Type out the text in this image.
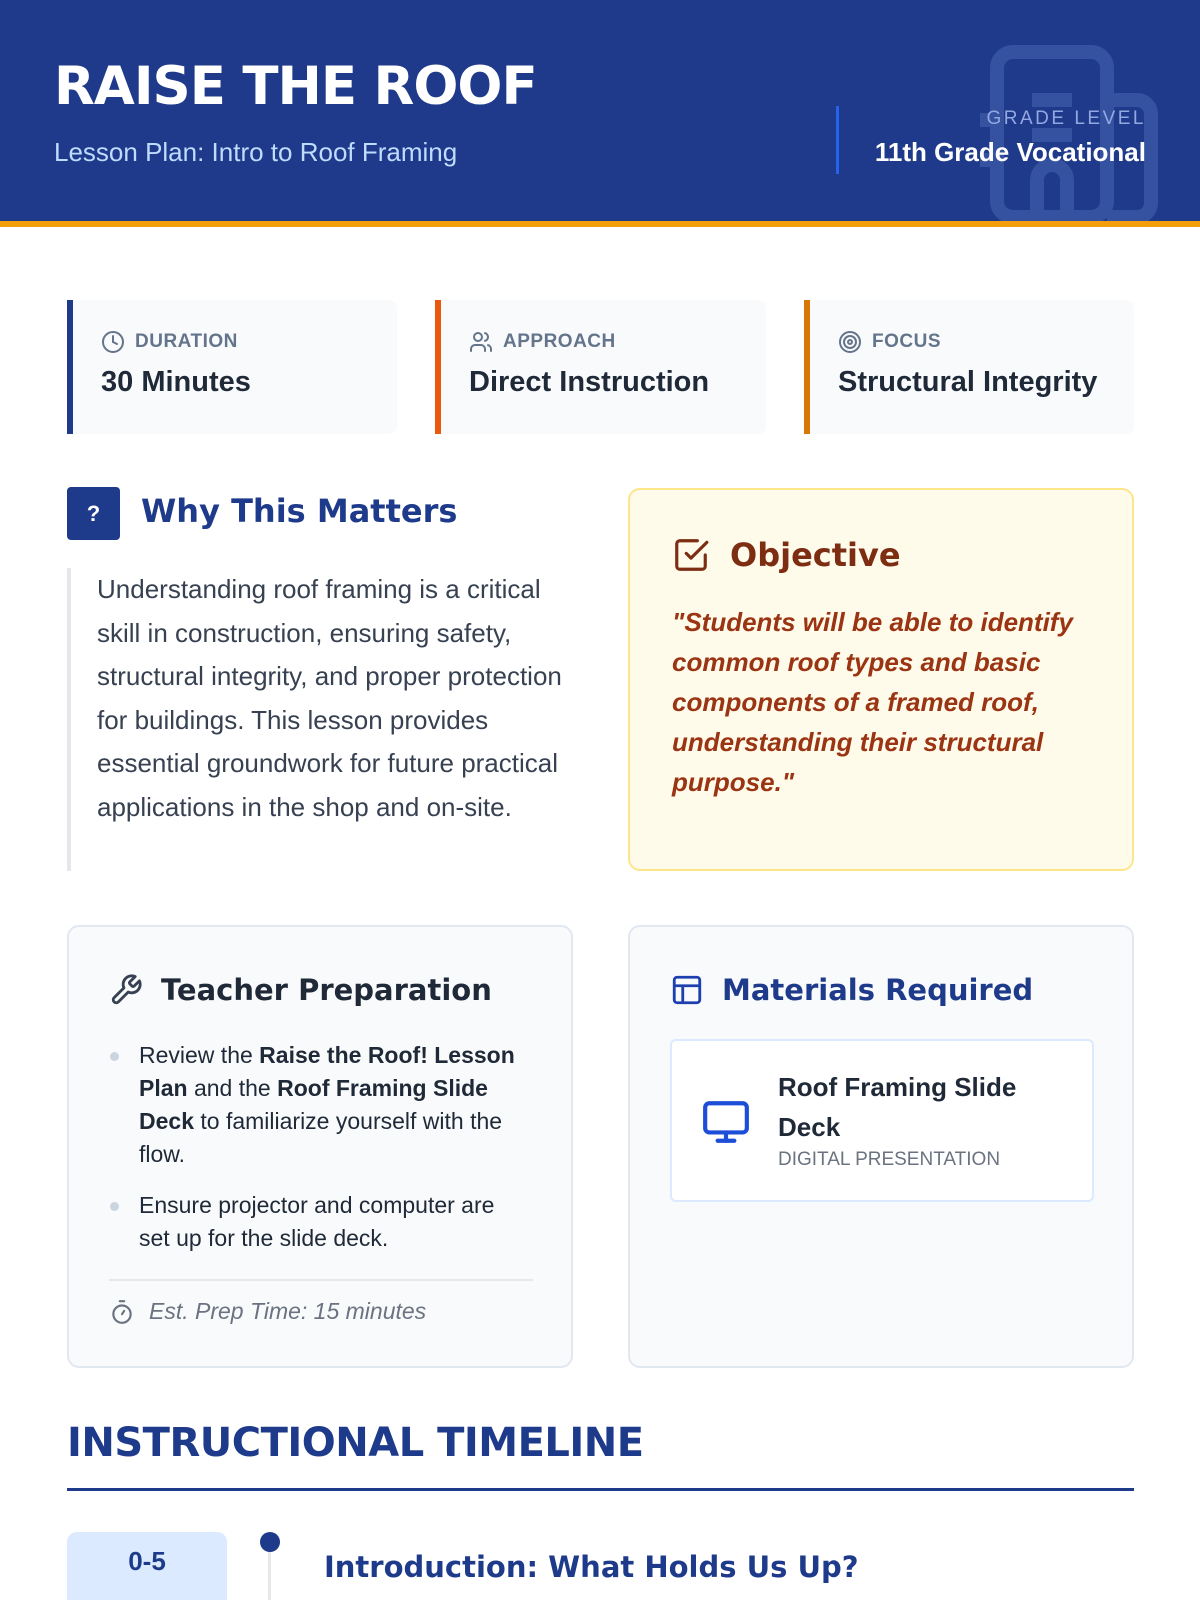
RAISE THE ROOF
Lesson Plan: Intro to Roof Framing
GRADE LEVEL
11th Grade Vocational
DURATION
30 Minutes
APPROACH
Direct Instruction
FOCUS
Structural Integrity
?	Why This Matters
Understanding roof framing is a critical skill in construction, ensuring safety, structural integrity, and proper protection for buildings. This lesson provides essential groundwork for future practical applications in the shop and on-site.
Objective
"Students will be able to identify common roof types and basic components of a framed roof, understanding their structural purpose."
Teacher Preparation
Review the Raise the Roof! Lesson Plan and the Roof Framing Slide Deck to familiarize yourself with the flow.
Ensure projector and computer are set up for the slide deck.
Est. Prep Time: 15 minutes
Materials Required
Roof Framing Slide Deck
DIGITAL PRESENTATION
INSTRUCTIONAL TIMELINE
0-5	Introduction: What Holds Us Up?
